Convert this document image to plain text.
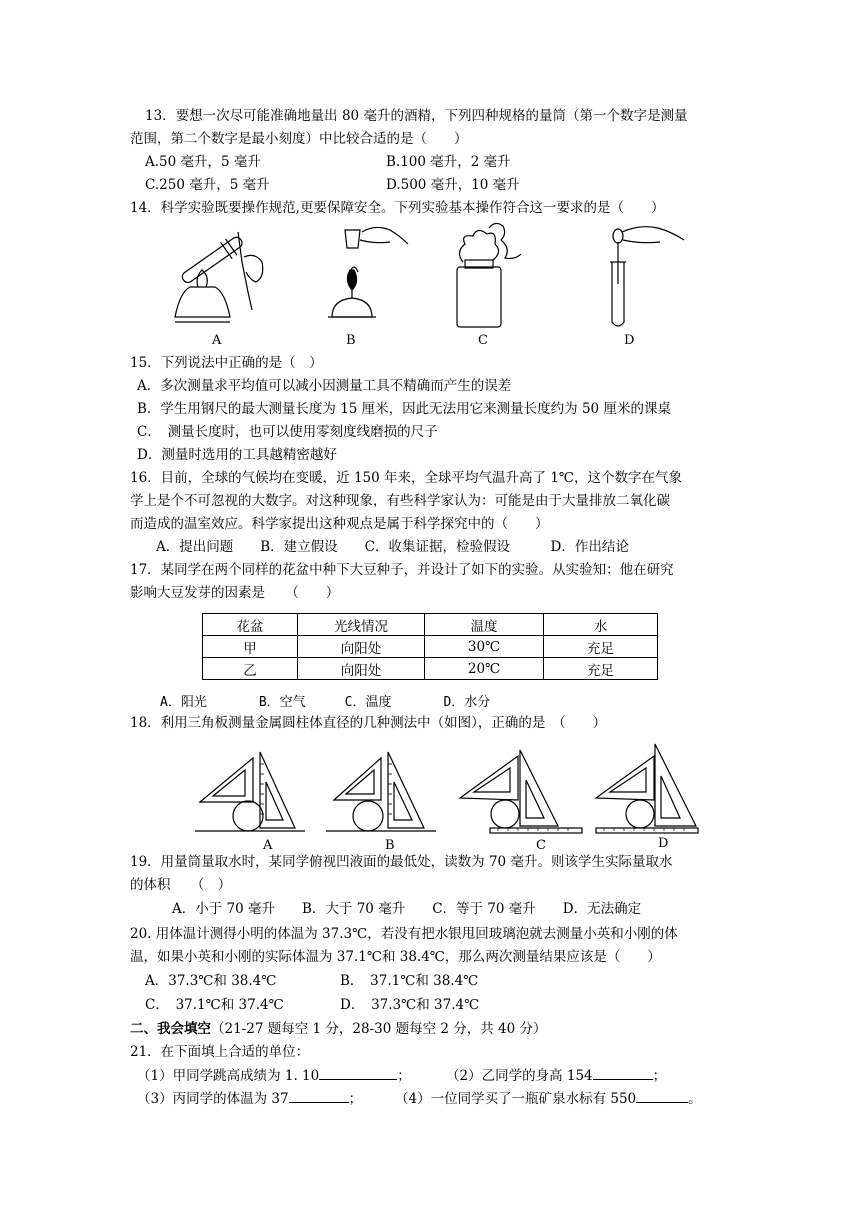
13．要想一次尽可能准确地量出 80 毫升的酒精，下列四种规格的量筒（第一个数字是测量
范围，第二个数字是最小刻度）中比较合适的是（　　）
A.50 毫升，5 毫升	B.100 毫升，2 毫升
C.250 毫升，5 毫升	D.500 毫升，10 毫升
14．科学实验既要操作规范,更要保障安全。下列实验基本操作符合这一要求的是（　　）
A	B	C	D
15．下列说法中正确的是（　）
A．多次测量求平均值可以减小因测量工具不精确而产生的误差
B．学生用钢尺的最大测量长度为 15 厘米，因此无法用它来测量长度约为 50 厘米的课桌
C．　测量长度时，也可以使用零刻度线磨损的尺子
D．测量时选用的工具越精密越好
16．目前，全球的气候均在变暖，近 150 年来，全球平均气温升高了 1℃，这个数字在气象
学上是个不可忽视的大数字。对这种现象，有些科学家认为：可能是由于大量排放二氧化碳
而造成的温室效应。科学家提出这种观点是属于科学探究中的（　　）
A．提出问题　　B．建立假设　　C．收集证据，检验假设　　　D．作出结论
17．某同学在两个同样的花盆中种下大豆种子，并设计了如下的实验。从实验知：他在研究
影响大豆发芽的因素是　　（　　）
花盆	光线情况	温度	水
甲	向阳处	30℃	充足
乙	向阳处	20℃	充足
A．阳光　　　　B．空气　　　C．温度　　　　D．水分
18．利用三角板测量金属圆柱体直径的几种测法中（如图），正确的是　（　　）
A	B	C	D
19．用量筒量取水时，某同学俯视凹液面的最低处，读数为 70 毫升。则该学生实际量取水
的体积　　（　）
A．小于 70 毫升　　B．大于 70 毫升　　C．等于 70 毫升　　D．无法确定
20. 用体温计测得小明的体温为 37.3℃，若没有把水银甩回玻璃泡就去测量小英和小刚的体
温，如果小英和小刚的实际体温为 37.1℃和 38.4℃，那么两次测量结果应该是（　　）
A．37.3℃和 38.4℃	B．　37.1℃和 38.4℃
C．　37.1℃和 37.4℃	D．　37.3℃和 37.4℃
二、我会填空（21-27 题每空 1 分，28-30 题每空 2 分，共 40 分）
21．在下面填上合适的单位：
（1）甲同学跳高成绩为 1. 10	；	（2）乙同学的身高 154	；
（3）丙同学的体温为 37	； （4）一位同学买了一瓶矿泉水标有 550	。
